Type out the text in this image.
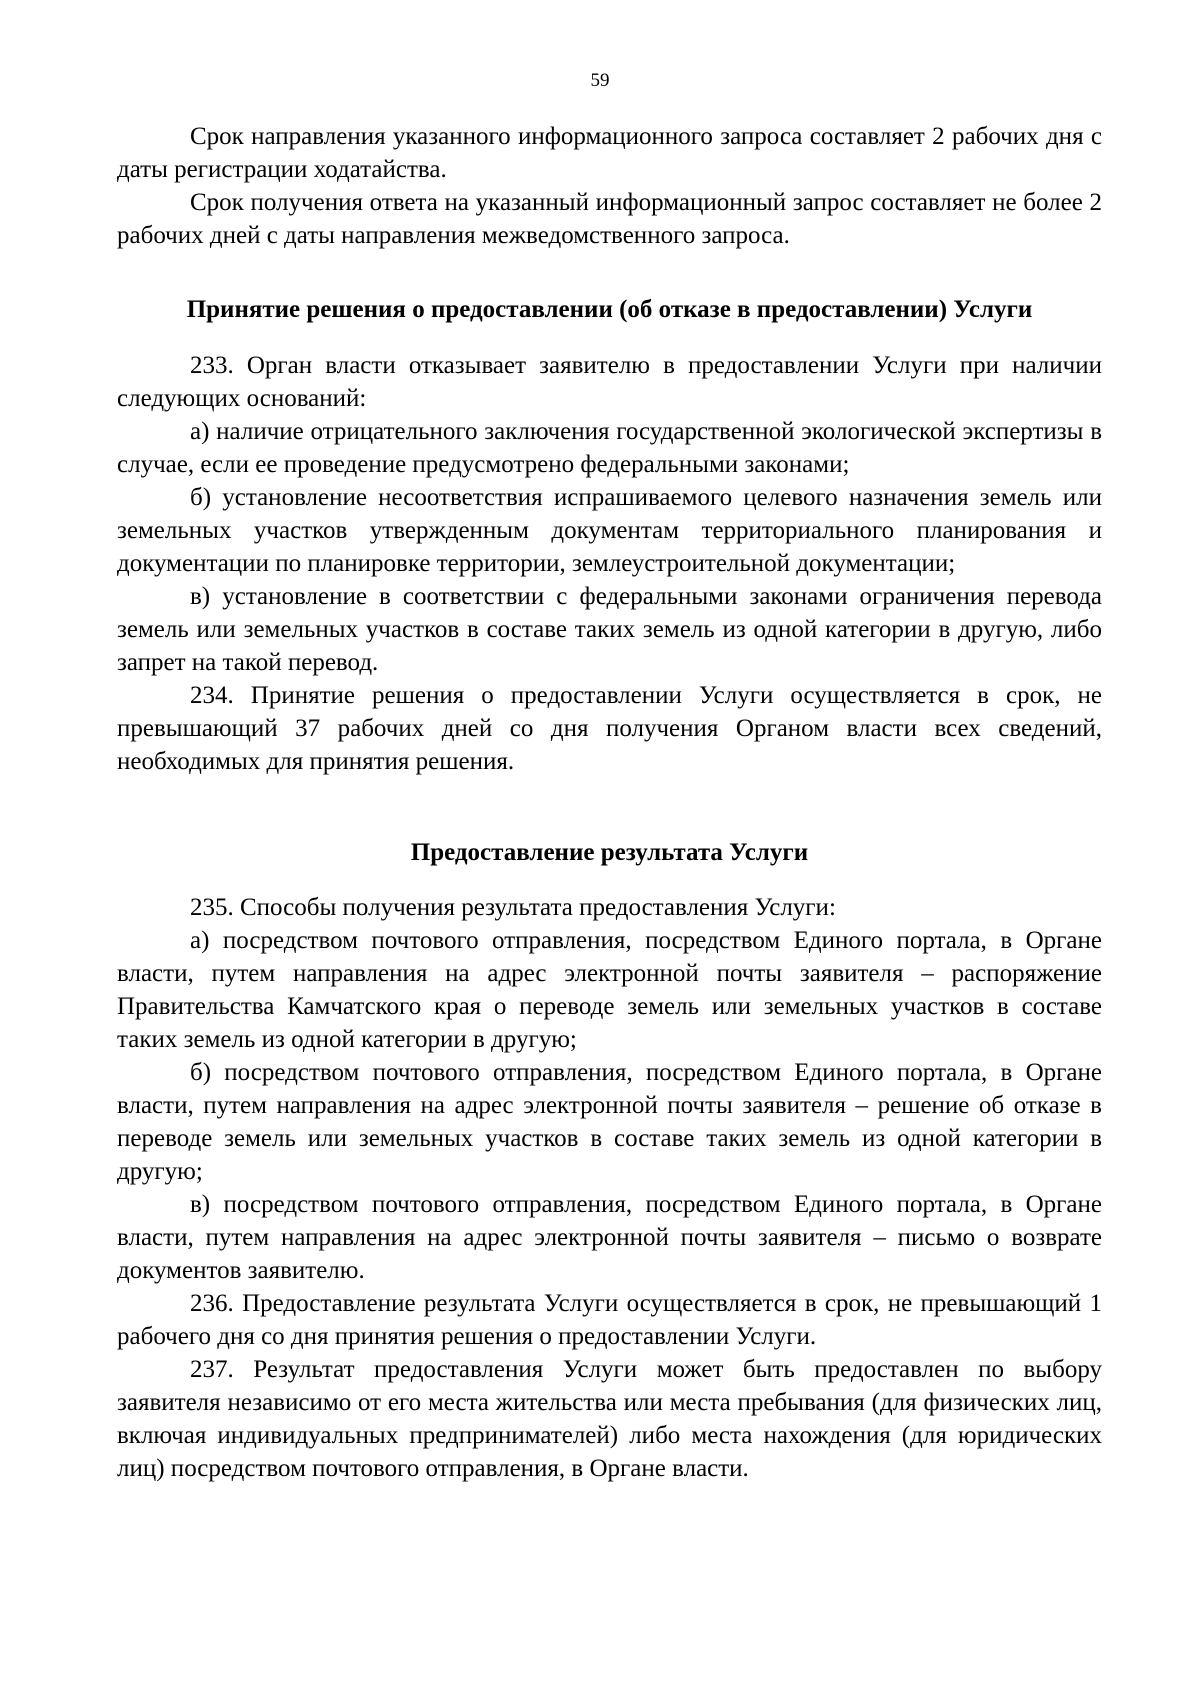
59

Срок направления указанного информационного запроса составляет 2 рабочих дня с даты регистрации ходатайства.

Срок получения ответа на указанный информационный запрос составляет не более 2 рабочих дней с даты направления межведомственного запроса.

Принятие решения о предоставлении (об отказе в предоставлении) Услуги

233. Орган власти отказывает заявителю в предоставлении Услуги при наличии следующих оснований:

а) наличие отрицательного заключения государственной экологической экспертизы в случае, если ее проведение предусмотрено федеральными законами;

б) установление несоответствия испрашиваемого целевого назначения земель или земельных участков утвержденным документам территориального планирования и документации по планировке территории, землеустроительной документации;

в) установление в соответствии с федеральными законами ограничения перевода земель или земельных участков в составе таких земель из одной категории в другую, либо запрет на такой перевод.

234. Принятие решения о предоставлении Услуги осуществляется в срок, не превышающий 37 рабочих дней со дня получения Органом власти всех сведений, необходимых для принятия решения.

Предоставление результата Услуги

235. Способы получения результата предоставления Услуги:

а) посредством почтового отправления, посредством Единого портала, в Органе власти, путем направления на адрес электронной почты заявителя – распоряжение Правительства Камчатского края о переводе земель или земельных участков в составе таких земель из одной категории в другую;

б) посредством почтового отправления, посредством Единого портала, в Органе власти, путем направления на адрес электронной почты заявителя – решение об отказе в переводе земель или земельных участков в составе таких земель из одной категории в другую;

в) посредством почтового отправления, посредством Единого портала, в Органе власти, путем направления на адрес электронной почты заявителя – письмо о возврате документов заявителю.

236. Предоставление результата Услуги осуществляется в срок, не превышающий 1 рабочего дня со дня принятия решения о предоставлении Услуги.

237. Результат предоставления Услуги может быть предоставлен по выбору заявителя независимо от его места жительства или места пребывания (для физических лиц, включая индивидуальных предпринимателей) либо места нахождения (для юридических лиц) посредством почтового отправления, в Органе власти.
